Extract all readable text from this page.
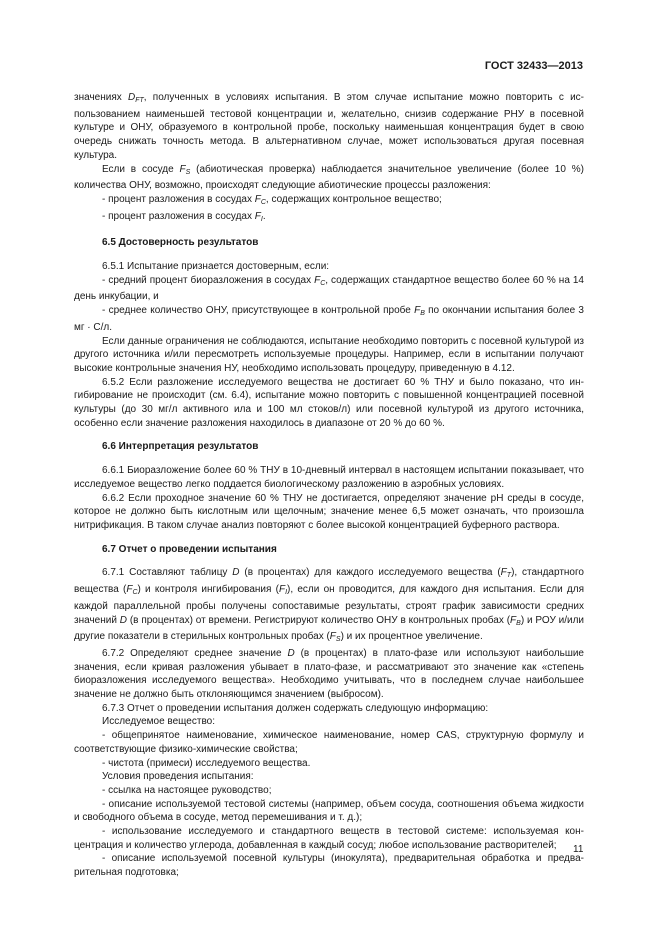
ГОСТ 32433—2013

значениях $D_{FT}$, полученных в условиях испытания. В этом случае испытание можно повторить с использованием наименьшей тестовой концентрации и, желательно, снизив содержание РНУ в посевной культуре и ОНУ, образуемого в контрольной пробе, поскольку наименьшая концентрация будет в свою очередь снижать точность метода. В альтернативном случае, может использоваться другая посевная культура.

Если в сосуде $F_S$ (абиотическая проверка) наблюдается значительное увеличение (более 10 %) количества ОНУ, возможно, происходят следующие абиотические процессы разложения:

- процент разложения в сосудах $F_C$, содержащих контрольное вещество;

- процент разложения в сосудах $F_I$.

6.5 Достоверность результатов

6.5.1 Испытание признается достоверным, если:

- средний процент биоразложения в сосудах $F_C$, содержащих стандартное вещество более 60 % на 14 день инкубации, и

- среднее количество ОНУ, присутствующее в контрольной пробе $F_B$ по окончании испытания более 3 мг · С/л.

Если данные ограничения не соблюдаются, испытание необходимо повторить с посевной культурой из другого источника и/или пересмотреть используемые процедуры. Например, если в испытании получают высокие контрольные значения НУ, необходимо использовать процедуру, приведенную в 4.12.

6.5.2 Если разложение исследуемого вещества не достигает 60 % ТНУ и было показано, что ингибирование не происходит (см. 6.4), испытание можно повторить с повышенной концентрацией посевной культуры (до 30 мг/л активного ила и 100 мл стоков/л) или посевной культурой из другого источника, особенно если значение разложения находилось в диапазоне от 20 % до 60 %.

6.6 Интерпретация результатов

6.6.1 Биоразложение более 60 % ТНУ в 10-дневный интервал в настоящем испытании показывает, что исследуемое вещество легко поддается биологическому разложению в аэробных условиях.

6.6.2 Если проходное значение 60 % ТНУ не достигается, определяют значение pH среды в сосуде, которое не должно быть кислотным или щелочным; значение менее 6,5 может означать, что произошла нитрификация. В таком случае анализ повторяют с более высокой концентрацией буферного раствора.

6.7 Отчет о проведении испытания

6.7.1 Составляют таблицу D (в процентах) для каждого исследуемого вещества $(F_T)$, стандартного вещества $(F_C)$ и контроля ингибирования $(F_I)$, если он проводится, для каждого дня испытания. Если для каждой параллельной пробы получены сопоставимые результаты, строят график зависимости средних значений D (в процентах) от времени. Регистрируют количество ОНУ в контрольных пробах $(F_B)$ и РОУ и/или другие показатели в стерильных контрольных пробах $(F_S)$ и их процентное увеличение.

6.7.2 Определяют среднее значение D (в процентах) в плато-фазе или используют наибольшие значения, если кривая разложения убывает в плато-фазе, и рассматривают это значение как «степень биоразложения исследуемого вещества». Необходимо учитывать, что в последнем случае наибольшее значение не должно быть отклоняющимся значением (выбросом).

6.7.3 Отчет о проведении испытания должен содержать следующую информацию:

Исследуемое вещество:

- общепринятое наименование, химическое наименование, номер CAS, структурную формулу и соответствующие физико-химические свойства;

- чистота (примеси) исследуемого вещества.

Условия проведения испытания:

- ссылка на настоящее руководство;

- описание используемой тестовой системы (например, объем сосуда, соотношения объема жидкости и свободного объема в сосуде, метод перемешивания и т. д.);

- использование исследуемого и стандартного веществ в тестовой системе: используемая концентрация и количество углерода, добавленная в каждый сосуд; любое использование растворителей;

- описание используемой посевной культуры (инокулята), предварительная обработка и предварительная подготовка;

11
